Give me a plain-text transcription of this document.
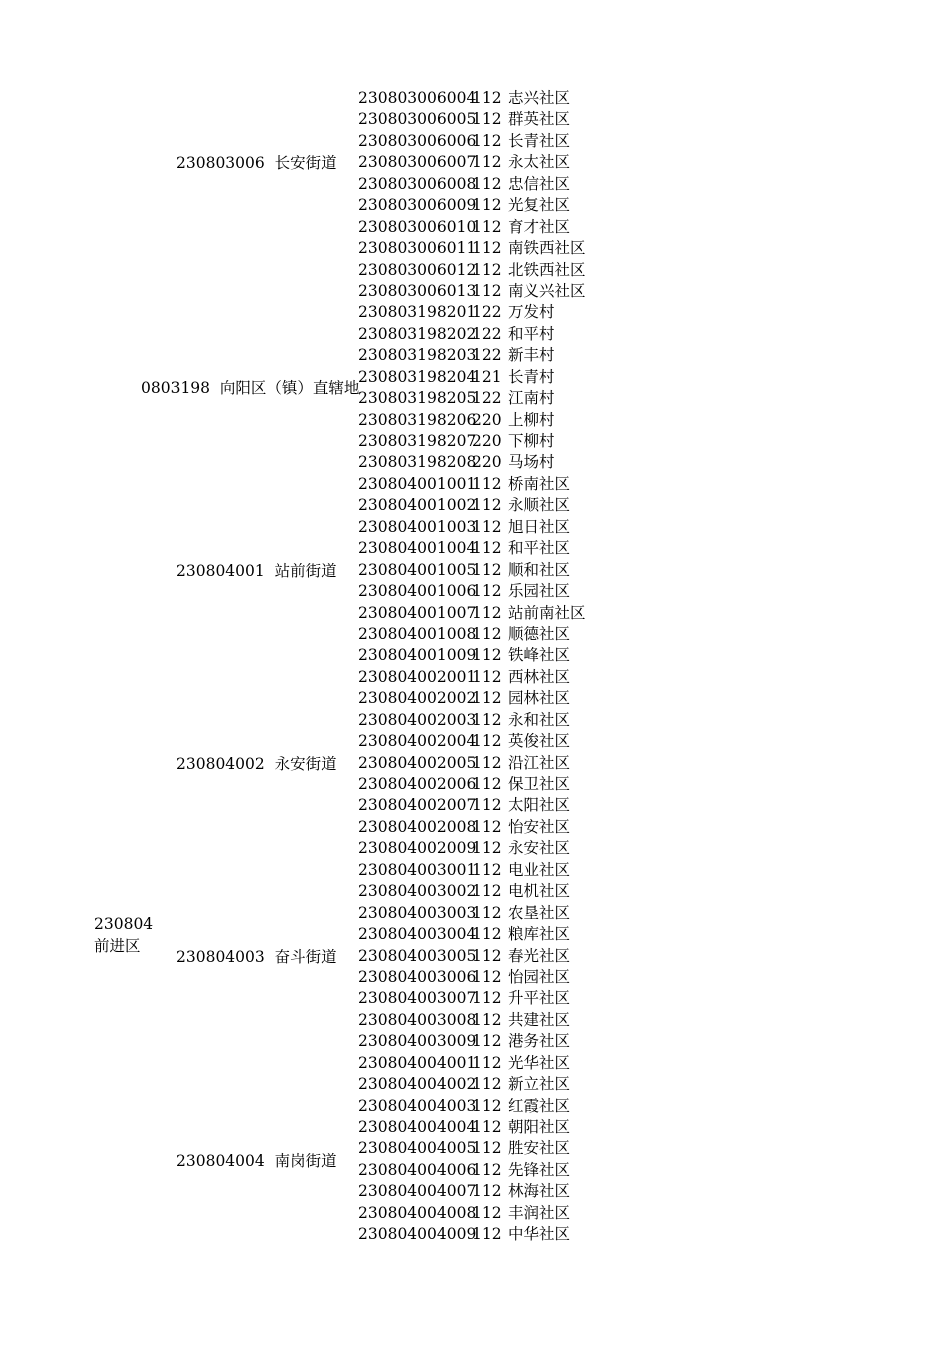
230804
前进区
230803006 长安街道
0803198 向阳区（镇）直辖地
230804001 站前街道
230804002 永安街道
230804003 奋斗街道
230804004 南岗街道
230803006004
112 志兴社区
230803006005
112 群英社区
230803006006
112 长青社区
230803006007
112 永太社区
230803006008
112 忠信社区
230803006009
112 光复社区
230803006010
112 育才社区
230803006011
112 南铁西社区
230803006012
112 北铁西社区
230803006013
112 南义兴社区
230803198201
122 万发村
230803198202
122 和平村
230803198203
122 新丰村
230803198204
121 长青村
230803198205
122 江南村
230803198206
220 上柳村
230803198207
220 下柳村
230803198208
220 马场村
230804001001
112 桥南社区
230804001002
112 永顺社区
230804001003
112 旭日社区
230804001004
112 和平社区
230804001005
112 顺和社区
230804001006
112 乐园社区
230804001007
112 站前南社区
230804001008
112 顺德社区
230804001009
112 铁峰社区
230804002001
112 西林社区
230804002002
112 园林社区
230804002003
112 永和社区
230804002004
112 英俊社区
230804002005
112 沿江社区
230804002006
112 保卫社区
230804002007
112 太阳社区
230804002008
112 怡安社区
230804002009
112 永安社区
230804003001
112 电业社区
230804003002
112 电机社区
230804003003
112 农垦社区
230804003004
112 粮库社区
230804003005
112 春光社区
230804003006
112 怡园社区
230804003007
112 升平社区
230804003008
112 共建社区
230804003009
112 港务社区
230804004001
112 光华社区
230804004002
112 新立社区
230804004003
112 红霞社区
230804004004
112 朝阳社区
230804004005
112 胜安社区
230804004006
112 先锋社区
230804004007
112 林海社区
230804004008
112 丰润社区
230804004009
112 中华社区
